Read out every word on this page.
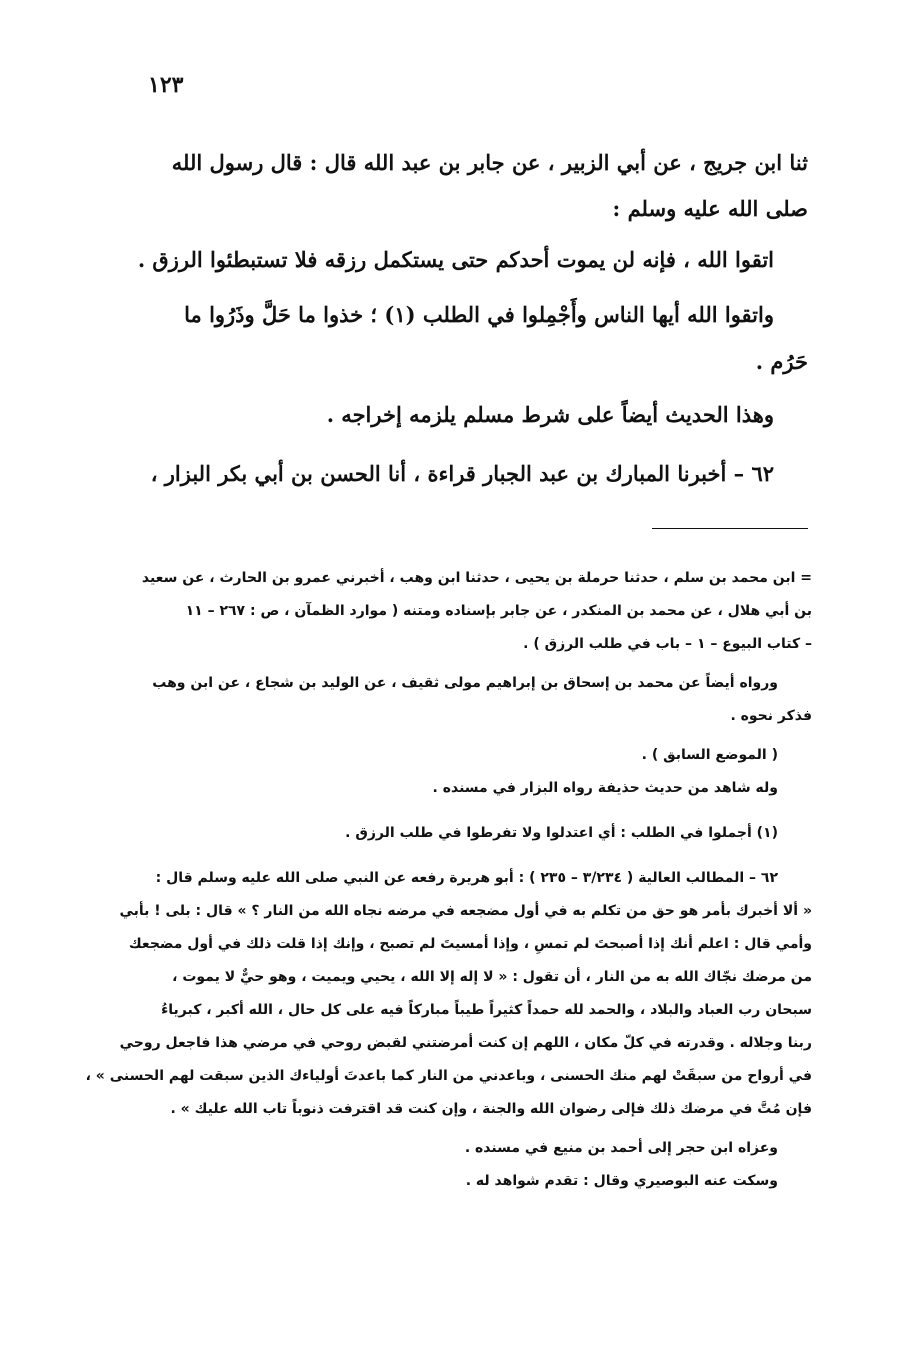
١٢٣
ثنا ابن جريج ، عن أبي الزبير ، عن جابر بن عبد الله قال : قال رسول الله
صلى الله عليه وسلم :
اتقوا الله ، فإنه لن يموت أحدكم حتى يستكمل رزقه فلا تستبطئوا الرزق .
واتقوا الله أيها الناس وأَجْمِلوا في الطلب (١) ؛ خذوا ما حَلَّ وذَرُوا ما
حَرُم .
وهذا الحديث أيضاً على شرط مسلم يلزمه إخراجه .
٦٢ – أخبرنا المبارك بن عبد الجبار قراءة ، أنا الحسن بن أبي بكر البزار ،
= ابن محمد بن سلم ، حدثنا حرملة بن يحيى ، حدثنا ابن وهب ، أخبرني عمرو بن الحارث ، عن سعيد
بن أبي هلال ، عن محمد بن المنكدر ، عن جابر بإسناده ومتنه ( موارد الظمآن ، ص : ٢٦٧ – ١١
– كتاب البيوع – ١ – باب في طلب الرزق ) .
ورواه أيضاً عن محمد بن إسحاق بن إبراهيم مولى ثقيف ، عن الوليد بن شجاع ، عن ابن وهب
فذكر نحوه .
( الموضع السابق ) .
وله شاهد من حديث حذيفة رواه البزار في مسنده .
(١) أجملوا في الطلب : أي اعتدلوا ولا تفرطوا في طلب الرزق .
٦٢ – المطالب العالية ( ٣/٢٣٤ – ٢٣٥ ) : أبو هريرة رفعه عن النبي صلى الله عليه وسلم قال :
« ألا أخبرك بأمر هو حق من تكلم به في أول مضجعه في مرضه نجاه الله من النار ؟ » قال : بلى ! بأبي
وأمي قال : اعلم أنك إذا أصبحتَ لم تمسِ ، وإذا أمسيتَ لم تصبح ، وإنك إذا قلت ذلك في أول مضجعك
من مرضك نجّاك الله به من النار ، أن تقول : « لا إله إلا الله ، يحيي ويميت ، وهو حيٌّ لا يموت ،
سبحان رب العباد والبلاد ، والحمد لله حمداً كثيراً طيباً مباركاً فيه على كل حال ، الله أكبر ، كبرياءُ
ربنا وجلاله . وقدرته في كلّ مكان ، اللهم إن كنت أمرضتني لقبض روحي في مرضي هذا فاجعل روحي
في أرواح من سبقَتْ لهم منك الحسنى ، وباعدني من النار كما باعدتَ أولياءك الذين سبقت لهم الحسنى » ،
فإن مُتَّ في مرضك ذلك فإلى رضوان الله والجنة ، وإن كنت قد اقترفت ذنوباً تاب الله عليك » .
وعزاه ابن حجر إلى أحمد بن منيع في مسنده .
وسكت عنه البوصيري وقال : تقدم شواهد له .
